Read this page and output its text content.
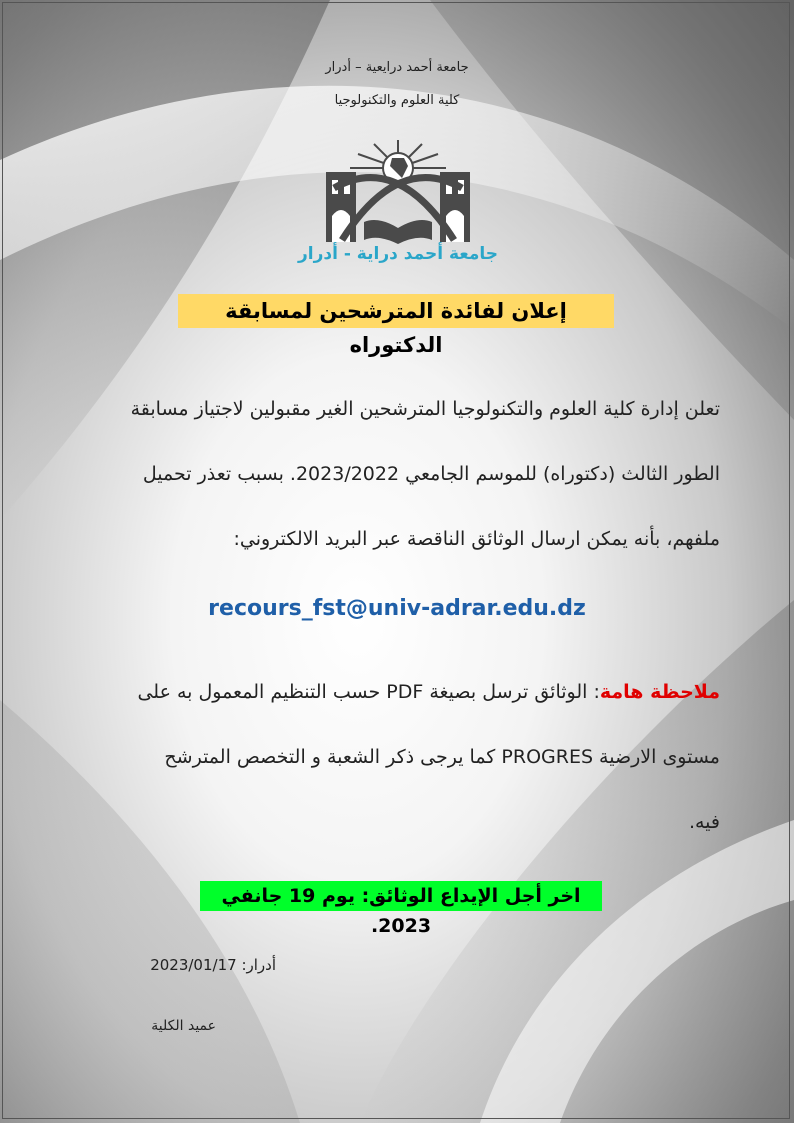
جامعة أحمد درايعية – أدرار
كلية العلوم والتكنولوجيا
جامعة أحمد دراية - أدرار
إعلان لفائدة المترشحين لمسابقة الدكتوراه
تعلن إدارة كلية العلوم والتكنولوجيا المترشحين الغير مقبولين لاجتياز مسابقة
الطور الثالث (دكتوراه) للموسم الجامعي 2023/2022. بسبب تعذر تحميل
ملفهم، بأنه يمكن ارسال الوثائق الناقصة عبر البريد الالكتروني:
recours_fst@univ-adrar.edu.dz
ملاحظة هامة: الوثائق ترسل بصيغة PDF حسب التنظيم المعمول به على
مستوى الارضية PROGRES كما يرجى ذكر الشعبة و التخصص المترشح
فيه.
اخر أجل الإيداع الوثائق: يوم 19 جانفي 2023.
أدرار: 2023/01/17
عميد الكلية
